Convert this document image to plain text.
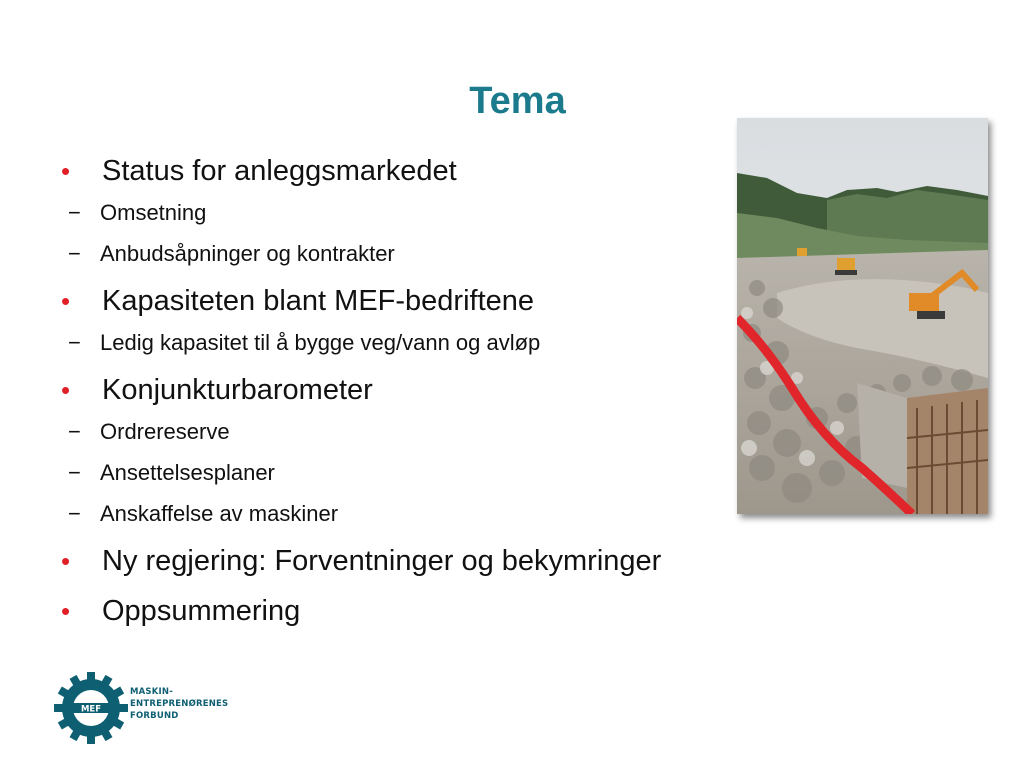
Tema
• Status for anleggsmarkedet
− Omsetning
− Anbudsåpninger og kontrakter
• Kapasiteten blant MEF-bedriftene
− Ledig kapasitet til å bygge veg/vann og avløp
• Konjunkturbarometer
− Ordrereserve
− Ansettelsesplaner
− Anskaffelse av maskiner
• Ny regjering: Forventninger og bekymringer
• Oppsummering
MEF
MASKIN-
ENTREPRENØRENES
FORBUND
